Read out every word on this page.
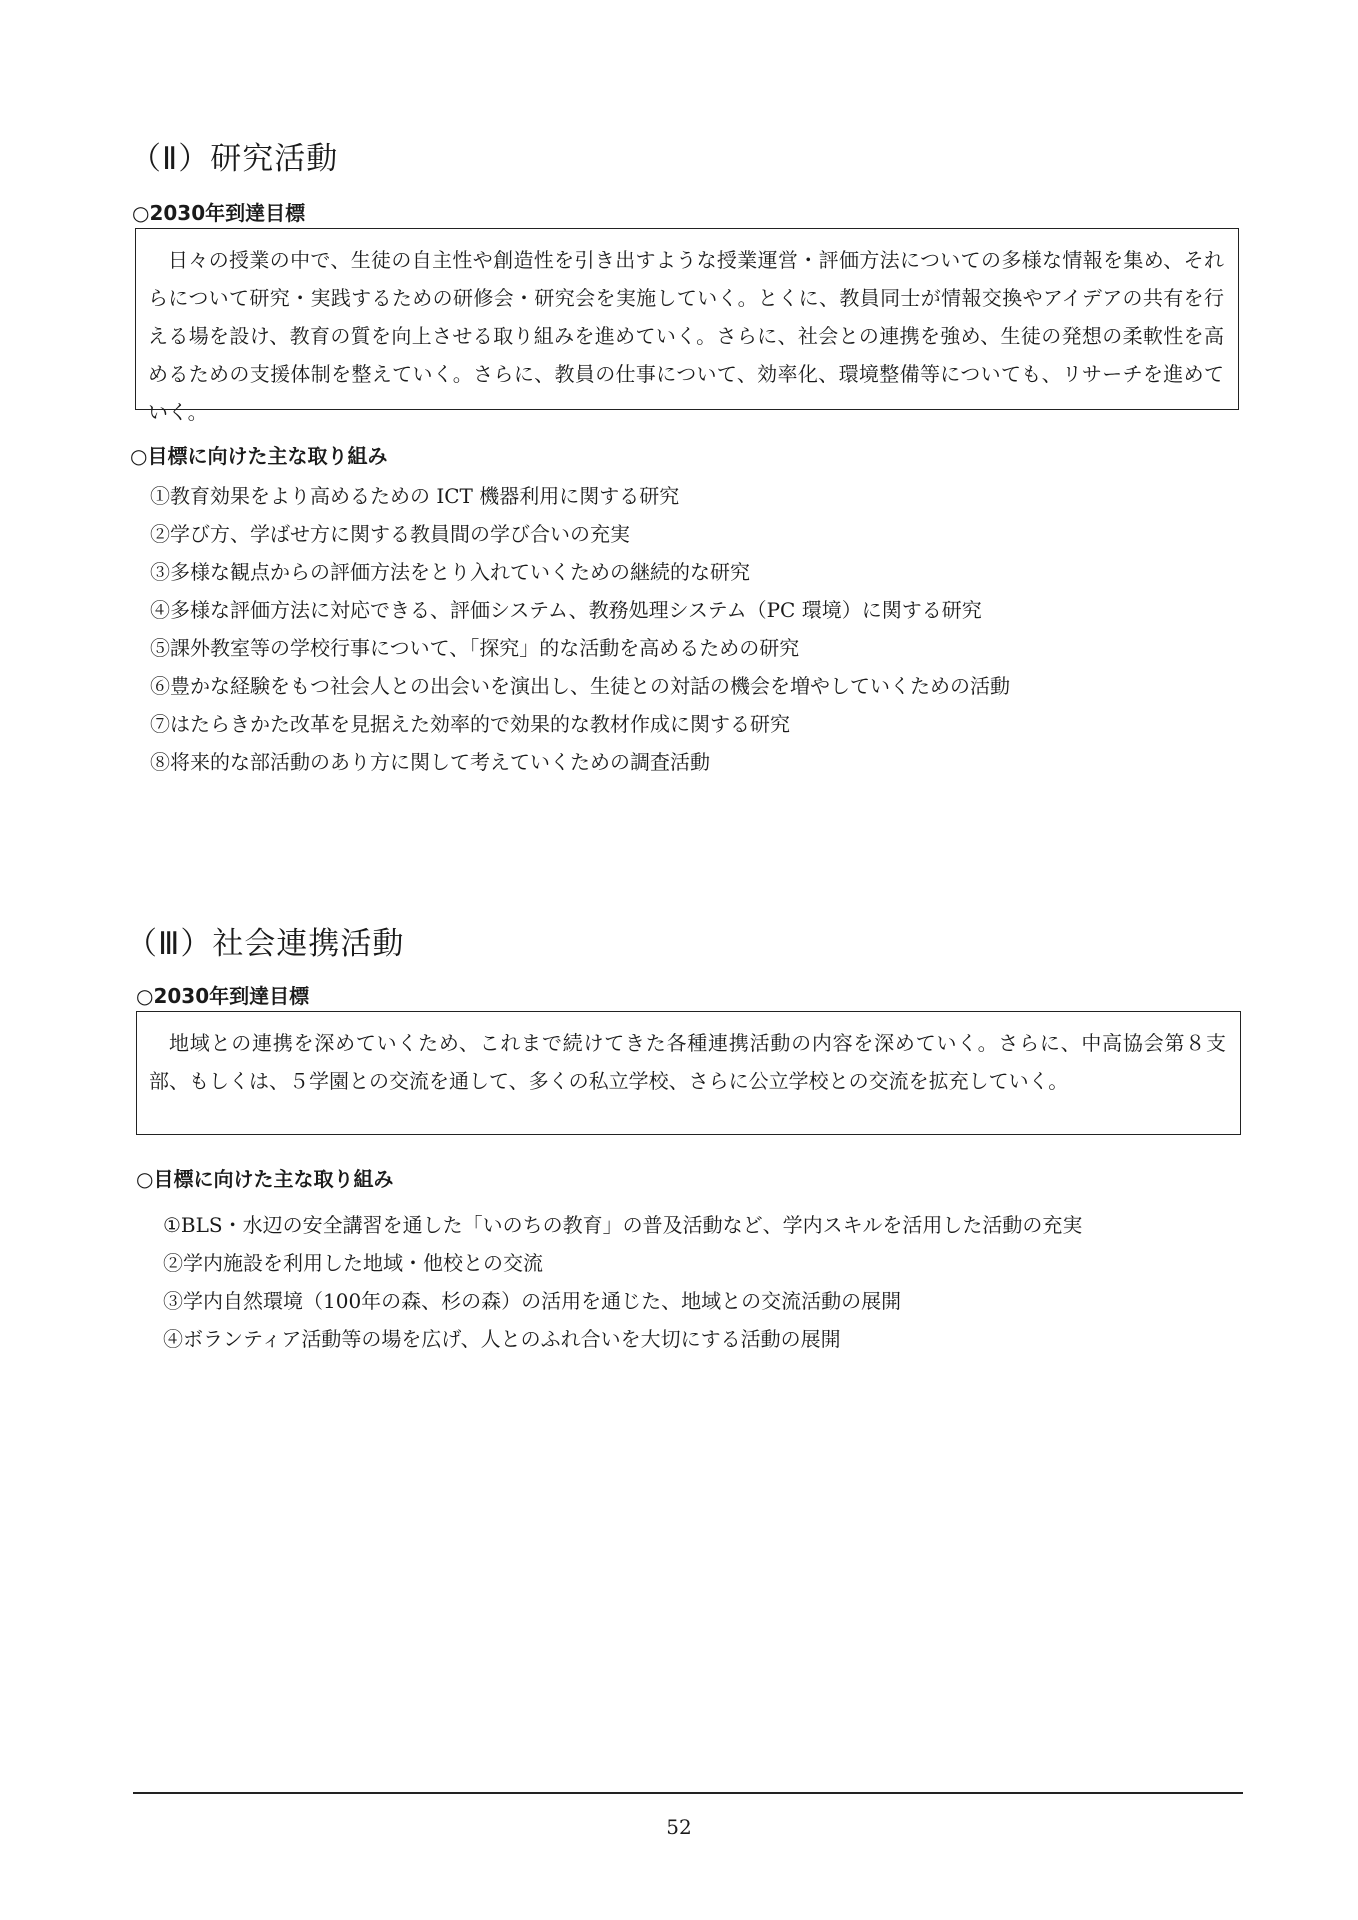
（Ⅱ）研究活動
○2030年到達目標

日々の授業の中で、生徒の自主性や創造性を引き出すような授業運営・評価方法についての多様な情報を集め、それらについて研究・実践するための研修会・研究会を実施していく。とくに、教員同士が情報交換やアイデアの共有を行える場を設け、教育の質を向上させる取り組みを進めていく。さらに、社会との連携を強め、生徒の発想の柔軟性を高めるための支援体制を整えていく。さらに、教員の仕事について、効率化、環境整備等についても、リサーチを進めていく。

○目標に向けた主な取り組み
①教育効果をより高めるための ICT 機器利用に関する研究
②学び方、学ばせ方に関する教員間の学び合いの充実
③多様な観点からの評価方法をとり入れていくための継続的な研究
④多様な評価方法に対応できる、評価システム、教務処理システム（PC 環境）に関する研究
⑤課外教室等の学校行事について、「探究」的な活動を高めるための研究
⑥豊かな経験をもつ社会人との出会いを演出し、生徒との対話の機会を増やしていくための活動
⑦はたらきかた改革を見据えた効率的で効果的な教材作成に関する研究
⑧将来的な部活動のあり方に関して考えていくための調査活動
（Ⅲ）社会連携活動
○2030年到達目標

地域との連携を深めていくため、これまで続けてきた各種連携活動の内容を深めていく。さらに、中高協会第８支部、もしくは、５学園との交流を通して、多くの私立学校、さらに公立学校との交流を拡充していく。

○目標に向けた主な取り組み
①BLS・水辺の安全講習を通した「いのちの教育」の普及活動など、学内スキルを活用した活動の充実
②学内施設を利用した地域・他校との交流
③学内自然環境（100年の森、杉の森）の活用を通じた、地域との交流活動の展開
④ボランティア活動等の場を広げ、人とのふれ合いを大切にする活動の展開
52
